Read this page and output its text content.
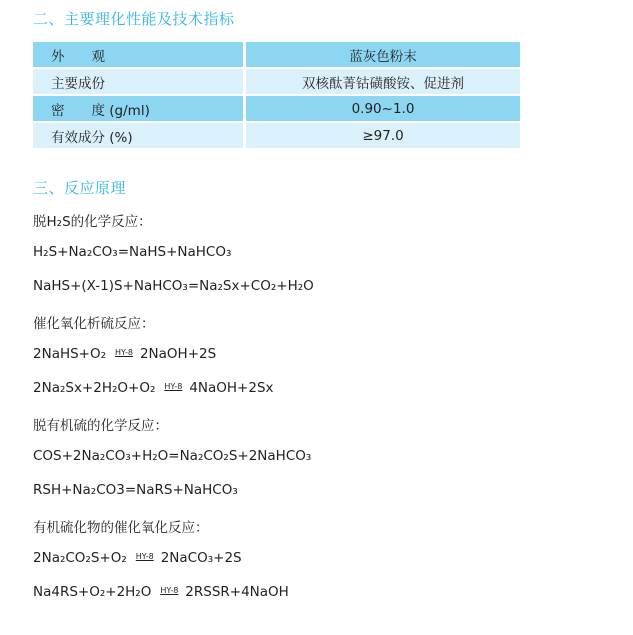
二、主要理化性能及技术指标
外　　观	蓝灰色粉末
主要成份	双核酞菁钴磺酸铵、促进剂
密　　度 (g/ml)	0.90~1.0
有效成分 (%)	≥97.0
三、反应原理
脱H₂S的化学反应：
H₂S+Na₂CO₃=NaHS+NaHCO₃
NaHS+(X-1)S+NaHCO₃=Na₂Sx+CO₂+H₂O
催化氧化析硫反应：
2NaHS+O₂ $^{HY-8}$ 2NaOH+2S
2Na₂Sx+2H₂O+O₂ $^{HY-8}$ 4NaOH+2Sx
脱有机硫的化学反应：
COS+2Na₂CO₃+H₂O=Na₂CO₂S+2NaHCO₃
RSH+Na₂CO3=NaRS+NaHCO₃
有机硫化物的催化氧化反应：
2Na₂CO₂S+O₂ $^{HY-8}$ 2NaCO₃+2S
Na4RS+O₂+2H₂O $^{HY-8}$ 2RSSR+4NaOH
